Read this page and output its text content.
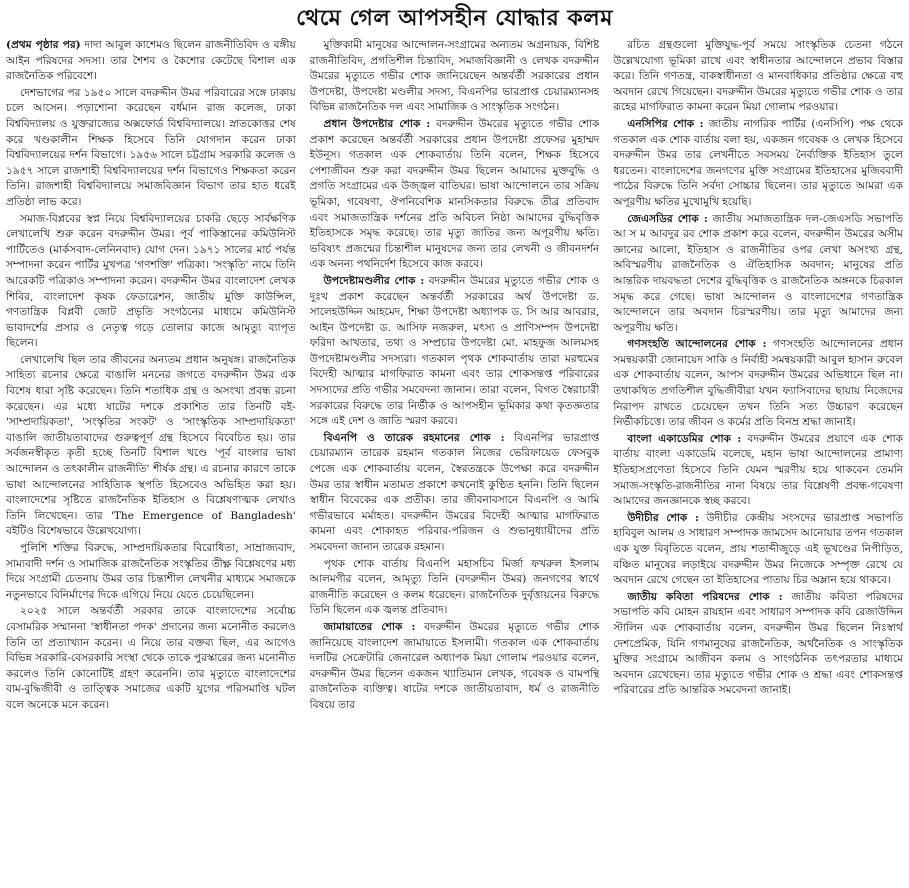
থেমে গেল আপসহীন যোদ্ধার কলম

(প্রথম পৃষ্ঠার পর) দাদা আবুল কাশেমও ছিলেন রাজনীতিবিদ ও বঙ্গীয় আইন পরিষদের সদস্য। তার শৈশব ও কৈশোর কেটেছে বিশাল এক রাজনৈতিক পরিবেশে।

দেশভাগের পর ১৯৫০ সালে বদরুদ্দীন উমর পরিবারের সঙ্গে ঢাকায় চলে আসেন। পড়াশোনা করেছেন বর্ধমান রাজ কলেজ, ঢাকা বিশ্ববিদ্যালয় ও যুক্তরাজ্যের অক্সফোর্ড বিশ্ববিদ্যালয়ে। স্নাতকোত্তর শেষ করে খণ্ডকালীন শিক্ষক হিসেবে তিনি যোগদান করেন ঢাকা বিশ্ববিদ্যালয়ের দর্শন বিভাগে। ১৯৫৬ সালে চট্টগ্রাম সরকারি কলেজ ও ১৯৫৭ সালে রাজশাহী বিশ্ববিদ্যালয়ের দর্শন বিভাগেও শিক্ষকতা করেন তিনি। রাজশাহী বিশ্ববিদ্যালয়ে সমাজবিজ্ঞান বিভাগ তার হাত ধরেই প্রতিষ্ঠা লাভ করে।

সমাজ-বিপ্লবের স্বপ্ন নিয়ে বিশ্ববিদ্যালয়ের চাকরি ছেড়ে সার্বক্ষণিক লেখালেখি শুরু করেন বদরুদ্দীন উমর। পূর্ব পাকিস্তানের কমিউনিস্ট পার্টিতেও (মার্কসবাদ-লেনিনবাদ) যোগ দেন। ১৯৭১ সালের মার্চ পর্যন্ত সম্পাদনা করেন পার্টির মুখপত্র 'গণশক্তি' পত্রিকা। 'সংস্কৃতি' নামে তিনি আরেকটি পত্রিকাও সম্পাদনা করেন। বদরুদ্দীন উমর বাংলাদেশ লেখক শিবির, বাংলাদেশ কৃষক ফেডারেশন, জাতীয় মুক্তি কাউন্সিল, গণতান্ত্রিক বিপ্লবী জোট প্রভৃতি সংগঠনের মাধ্যমে কমিউনিস্ট ভাবাদর্শের প্রসার ও নেতৃত্ব গড়ে তোলার কাজে আমৃত্যু ব্যাপৃত ছিলেন।

লেখালেখি ছিল তার জীবনের অন্যতম প্রধান অনুষঙ্গ। রাজনৈতিক সাহিত্য রচনার ক্ষেত্রে বাঙালি মননের জগতে বদরুদ্দীন উমর এক বিশেষ ধারা সৃষ্টি করেছেন। তিনি শতাধিক গ্রন্থ ও অসংখ্য প্রবন্ধ রচনা করেছেন। এর মধ্যে ষাটের দশকে প্রকাশিত তার তিনটি বই- 'সাম্প্রদায়িকতা', 'সংস্কৃতির সংকট' ও 'সাংস্কৃতিক সাম্প্রদায়িকতা' বাঙালি জাতীয়তাবাদের গুরুত্বপূর্ণ গ্রন্থ হিসেবে বিবেচিত হয়। তার সর্বজনস্বীকৃত কৃতী হচ্ছে তিনটি বিশাল খণ্ডে 'পূর্ব বাংলার ভাষা আন্দোলন ও তৎকালীন রাজনীতি' শীর্ষক গ্রন্থ। এ রচনার কারণে তাকে ভাষা আন্দোলনের সাহিত্যিক স্থপতি হিসেবেও অভিহিত করা হয়। বাংলাদেশের সৃষ্টিতে রাজনৈতিক ইতিহাস ও বিশ্লেষণাত্মক লেখাও তিনি লিখেছেন। তার 'The Emergence of Bangladesh' বইটিও বিশেষভাবে উল্লেখযোগ্য।

পুলিশি শক্তির বিরুদ্ধে, সাম্প্রদায়িকতার বিরোধিতা, সাম্রাজ্যবাদ, সাম্যবাদী দর্শন ও সামাজিক রাজনৈতিক সংস্কৃতির তীক্ষ্ণ বিশ্লেষণের মধ্য দিয়ে সংগ্রামী চেতনায় উমর তার চিন্তাশীল লেখনীর মাধ্যমে সমাজকে নতুনভাবে বিনির্মাণের দিকে এগিয়ে নিয়ে যেতে চেয়েছিলেন।

২০২৫ সালে অন্তর্বর্তী সরকার তাকে বাংলাদেশের সর্বোচ্চ বেসামরিক সম্মাননা 'স্বাধীনতা পদক' প্রদানের জন্য মনোনীত করলেও তিনি তা প্রত্যাখ্যান করেন। এ নিয়ে তার বক্তব্য ছিল, এর আগেও বিভিন্ন সরকারি-বেসরকারি সংস্থা থেকে তাকে পুরস্কারের জন্য মনোনীত করলেও তিনি কোনোটিই গ্রহণ করেননি। তার মৃত্যুতে বাংলাদেশের বাম-বুদ্ধিজীবী ও তাত্ত্বিক সমাজের একটি যুগের পরিসমাপ্তি ঘটল বলে অনেকে মনে করেন।

মুক্তিকামী মানুষের আন্দোলন-সংগ্রামের অন্যতম অগ্রনায়ক, বিশিষ্ট রাজনীতিবিদ, প্রগতিশীল চিন্তাবিদ, সমাজবিজ্ঞানী ও লেখক বদরুদ্দীন উমরের মৃত্যুতে গভীর শোক জানিয়েছেন অন্তর্বর্তী সরকারের প্রধান উপদেষ্টা, উপদেষ্টা মণ্ডলীর সদস্য, বিএনপির ভারপ্রাপ্ত চেয়ারম্যানসহ বিভিন্ন রাজনৈতিক দল এবং সামাজিক ও সাংস্কৃতিক সংগঠন।

প্রধান উপদেষ্টার শোক : বদরুদ্দীন উমরের মৃত্যুতে গভীর শোক প্রকাশ করেছেন অন্তর্বর্তী সরকারের প্রধান উপদেষ্টা প্রফেসর মুহাম্মদ ইউনূস। গতকাল এক শোকবার্তায় তিনি বলেন, শিক্ষক হিসেবে পেশাজীবন শুরু করা বদরুদ্দীন উমর ছিলেন আমাদের মুক্তবুদ্ধি ও প্রগতি সংগ্রামের এক উজ্জ্বল বাতিঘর। ভাষা আন্দোলনে তার সক্রিয় ভূমিকা, গবেষণা, ঔপনিবেশিক মানসিকতার বিরুদ্ধে তীব্র প্রতিবাদ এবং সমাজতান্ত্রিক দর্শনের প্রতি অবিচল নিষ্ঠা আমাদের বুদ্ধিবৃত্তিক ইতিহাসকে সমৃদ্ধ করেছে। তার মৃত্যু জাতির জন্য অপূরণীয় ক্ষতি। ভবিষ্যৎ প্রজন্মের চিন্তাশীল মানুষদের জন্য তার লেখনী ও জীবনদর্শন এক অনন্য পথনির্দেশ হিসেবে কাজ করবে।

উপদেষ্টামণ্ডলীর শোক : বদরুদ্দীন উমরের মৃত্যুতে গভীর শোক ও দুঃখ প্রকাশ করেছেন অন্তর্বর্তী সরকারের অর্থ উপদেষ্টা ড. সালেহউদ্দিন আহমেদ, শিক্ষা উপদেষ্টা অধ্যাপক ড. সি আর আবরার, আইন উপদেষ্টা ড. আসিফ নজরুল, মৎস্য ও প্রাণিসম্পদ উপদেষ্টা ফরিদা আখতার, তথ্য ও সম্প্রচার উপদেষ্টা মো. মাহফুজ আলমসহ উপদেষ্টামণ্ডলীর সদস্যরা। গতকাল পৃথক শোকবার্তায় তারা মরহুমের বিদেহী আত্মার মাগফিরাত কামনা এবং তার শোকসন্তপ্ত পরিবারের সদস্যদের প্রতি গভীর সমবেদনা জানান। তারা বলেন, বিগত স্বৈরাচারী সরকারের বিরুদ্ধে তার নির্ভীক ও আপসহীন ভূমিকার কথা কৃতজ্ঞতার সঙ্গে এই দেশ ও জাতি স্মরণ করবে।

বিএনপি ও তারেক রহমানের শোক : বিএনপির ভারপ্রাপ্ত চেয়ারম্যান তারেক রহমান গতকাল নিজের ভেরিফায়েড ফেসবুক পেজে এক শোকবার্তায় বলেন, স্বৈরতন্ত্রকে উপেক্ষা করে বদরুদ্দীন উমর তার স্বাধীন মতামত প্রকাশে কখনোই কুণ্ঠিত হননি। তিনি ছিলেন স্বাধীন বিবেকের এক প্রতীক। তার জীবনাবসানে বিএনপি ও আমি গভীরভাবে মর্মাহত। বদরুদ্দীন উমরের বিদেহী আত্মার মাগফিরাত কামনা এবং শোকাহত পরিবার-পরিজন ও শুভানুধ্যায়ীদের প্রতি সমবেদনা জানান তারেক রহমান।

পৃথক শোক বার্তায় বিএনপি মহাসচিব মির্জা ফখরুল ইসলাম আলমগীর বলেন, আমৃত্যু তিনি (বদরুদ্দীন উমর) জনগণের স্বার্থে রাজনীতি করেছেন ও কলম ধরেছেন। রাজনৈতিক দুর্বৃত্তায়নের বিরুদ্ধে তিনি ছিলেন এক জ্বলন্ত প্রতিবাদ।

জামায়াতের শোক : বদরুদ্দীন উমরের মৃত্যুতে গভীর শোক জানিয়েছে বাংলাদেশ জামায়াতে ইসলামী। গতকাল এক শোকবার্তায় দলটির সেক্রেটারি জেনারেল অধ্যাপক মিয়া গোলাম পরওয়ার বলেন, বদরুদ্দীন উমর ছিলেন একজন খ্যাতিমান লেখক, গবেষক ও বামপন্থি রাজনৈতিক ব্যক্তিত্ব। ষাটের দশকে জাতীয়তাবাদ, ধর্ম ও রাজনীতি বিষয়ে তার

রচিত গ্রন্থগুলো মুক্তিযুদ্ধ-পূর্ব সময়ে সাংস্কৃতিক চেতনা গঠনে উল্লেখযোগ্য ভূমিকা রাখে এবং স্বাধীনতার আন্দোলনে প্রভাব বিস্তার করে। তিনি গণতন্ত্র, বাকস্বাধীনতা ও মানবাধিকার প্রতিষ্ঠার ক্ষেত্রে বহু অবদান রেখে গিয়েছেন। বদরুদ্দীন উমরের মৃত্যুতে গভীর শোক ও তার রূহের মাগফিরাত কামনা করেন মিয়া গোলাম পরওয়ার।

এনসিপির শোক : জাতীয় নাগরিক পার্টির (এনসিপি) পক্ষ থেকে গতকাল এক শোক বার্তায় বলা হয়, একজন গবেষক ও লেখক হিসেবে বদরুদ্দীন উমর তার লেখনীতে সবসময় নৈর্ব্যক্তিক ইতিহাস তুলে ধরতেন। বাংলাদেশের জনগণের মুক্তি সংগ্রামের ইতিহাসের মুজিববাদী পাঠের বিরুদ্ধে তিনি সর্বদা সোচ্চার ছিলেন। তার মৃত্যুতে আমরা এক অপূরণীয় ক্ষতির মুখোমুখি হয়েছি।

জেএসডির শোক : জাতীয় সমাজতান্ত্রিক দল-জেএসডি সভাপতি আ স ম আবদুর রব শোক প্রকাশ করে বলেন, বদরুদ্দীন উমরের অসীম জ্ঞানের আলো, ইতিহাস ও রাজনীতির ওপর লেখা অসংখ্য গ্রন্থ, অবিস্মরণীয় রাজনৈতিক ও ঐতিহাসিক অবদান; মানুষের প্রতি আন্তরিক দায়বদ্ধতা দেশের বুদ্ধিবৃত্তিক ও রাজনৈতিক অঙ্গনকে চিরকাল সমৃদ্ধ করে গেছে। ভাষা আন্দোলন ও বাংলাদেশের গণতান্ত্রিক আন্দোলনে তার অবদান চিরস্মরণীয়। তার মৃত্যু আমাদের জন্য অপূরণীয় ক্ষতি।

গণসংহতি আন্দোলনের শোক : গণসংহতি আন্দোলনের প্রধান সমন্বয়কারী জোনায়েদ সাকি ও নির্বাহী সমন্বয়কারী আবুল হাসান রুবেল এক শোকবার্তায় বলেন, আপস বদরুদ্দীন উমরের অভিধানে ছিল না। তথাকথিত প্রগতিশীল বুদ্ধিজীবীরা যখন ফ্যাসিবাদের ছায়ায় নিজেদের নিরাপদ রাখতে চেয়েছেন তখন তিনি সত্য উচ্চারণ করেছেন নির্ভীকচিত্তে। তার জীবন ও কর্মের প্রতি বিনম্র শ্রদ্ধা জানাই।

বাংলা একাডেমির শোক : বদরুদ্দীন উমরের প্রয়াণে এক শোক বার্তায় বাংলা একাডেমি বলেছে, মহান ভাষা আন্দোলনের প্রামাণ্য ইতিহাসপ্রণেতা হিসেবে তিনি যেমন স্মরণীয় হয়ে থাকবেন তেমনি সমাজ-সংস্কৃতি-রাজনীতির নানা বিষয়ে তার বিশ্লেষণী প্রবন্ধ-গবেষণা আমাদের জনজ্ঞানকে স্বচ্ছ করবে।

উদীচীর শোক : উদীচীর কেন্দ্রীয় সংসদের ভারপ্রাপ্ত সভাপতি হাবিবুল আলম ও সাধারণ সম্পাদক জামসেদ আনোয়ার তপন গতকাল এক যুক্ত বিবৃতিতে বলেন, প্রায় শতাব্দীজুড়ে এই ভূখণ্ডের নিপীড়িত, বঞ্চিত মানুষের লড়াইয়ে বদরুদ্দীন উমর নিজেকে সম্পৃক্ত রেখে যে অবদান রেখে গেছেন তা ইতিহাসের পাতায় চির অম্লান হয়ে থাকবে।

জাতীয় কবিতা পরিষদের শোক : জাতীয় কবিতা পরিষদের সভাপতি কবি মোহন রায়হান এবং সাধারণ সম্পাদক কবি রেজাউদ্দিন স্টালিন এক শোকবার্তায় বলেন, বদরুদ্দীন উমর ছিলেন নিঃস্বার্থ দেশপ্রেমিক, যিনি গণমানুষের রাজনৈতিক, অর্থনৈতিক ও সাংস্কৃতিক মুক্তির সংগ্রামে আজীবন কলম ও সাংগঠনিক তৎপরতার মাধ্যমে অবদান রেখেছেন। তার মৃত্যুতে গভীর শোক ও শ্রদ্ধা এবং শোকসন্তপ্ত পরিবারের প্রতি আন্তরিক সমবেদনা জানাই।
